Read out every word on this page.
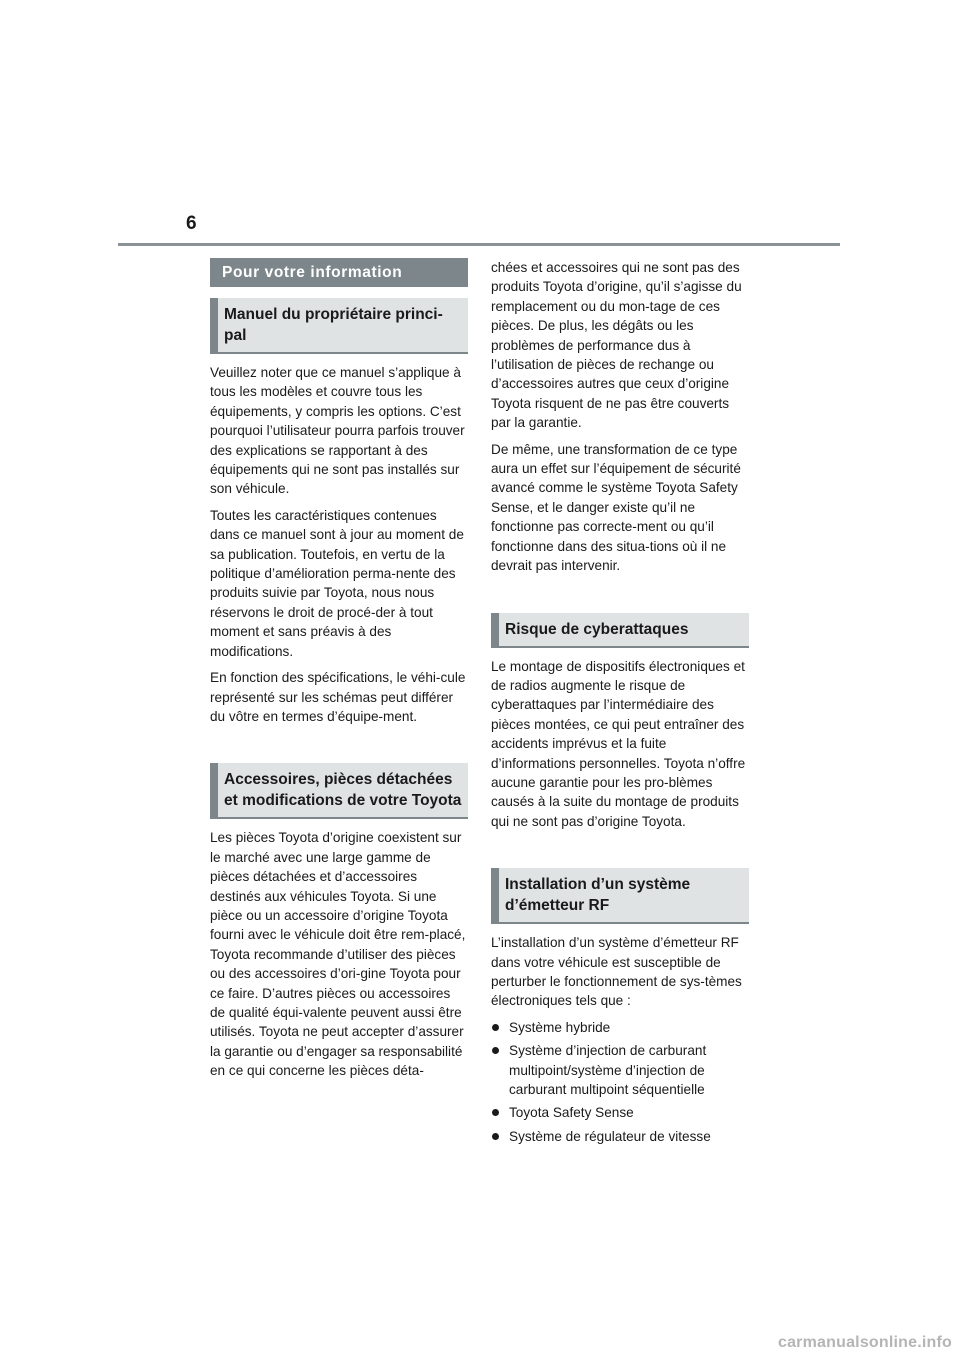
6
Pour votre information
Manuel du propriétaire princi-
pal

Veuillez noter que ce manuel s’applique à tous les modèles et couvre tous les équipements, y compris les options. C’est pourquoi l’utilisateur pourra parfois trouver des explications se rapportant à des équipements qui ne sont pas installés sur son véhicule.

Toutes les caractéristiques contenues dans ce manuel sont à jour au moment de sa publication. Toutefois, en vertu de la politique d’amélioration perma-nente des produits suivie par Toyota, nous nous réservons le droit de procé-der à tout moment et sans préavis à des modifications.

En fonction des spécifications, le véhi-cule représenté sur les schémas peut différer du vôtre en termes d’équipe-ment.

Accessoires, pièces détachées et modifications de votre Toyota

Les pièces Toyota d’origine coexistent sur le marché avec une large gamme de pièces détachées et d’accessoires destinés aux véhicules Toyota. Si une pièce ou un accessoire d’origine Toyota fourni avec le véhicule doit être rem-placé, Toyota recommande d’utiliser des pièces ou des accessoires d’ori-gine Toyota pour ce faire. D’autres pièces ou accessoires de qualité équi-valente peuvent aussi être utilisés. Toyota ne peut accepter d’assurer la garantie ou d’engager sa responsabilité en ce qui concerne les pièces déta-

chées et accessoires qui ne sont pas des produits Toyota d’origine, qu’il s’agisse du remplacement ou du mon-tage de ces pièces. De plus, les dégâts ou les problèmes de performance dus à l’utilisation de pièces de rechange ou d’accessoires autres que ceux d’origine Toyota risquent de ne pas être couverts par la garantie.

De même, une transformation de ce type aura un effet sur l’équipement de sécurité avancé comme le système Toyota Safety Sense, et le danger existe qu’il ne fonctionne pas correcte-ment ou qu’il fonctionne dans des situa-tions où il ne devrait pas intervenir.

Risque de cyberattaques

Le montage de dispositifs électroniques et de radios augmente le risque de cyberattaques par l’intermédiaire des pièces montées, ce qui peut entraîner des accidents imprévus et la fuite d’informations personnelles. Toyota n’offre aucune garantie pour les pro-blèmes causés à la suite du montage de produits qui ne sont pas d’origine Toyota.

Installation d’un système d’émetteur RF

L’installation d’un système d’émetteur RF dans votre véhicule est susceptible de perturber le fonctionnement de sys-tèmes électroniques tels que :

Système hybride
Système d’injection de carburant multipoint/système d’injection de carburant multipoint séquentielle
Toyota Safety Sense
Système de régulateur de vitesse
carmanualsonline.info
